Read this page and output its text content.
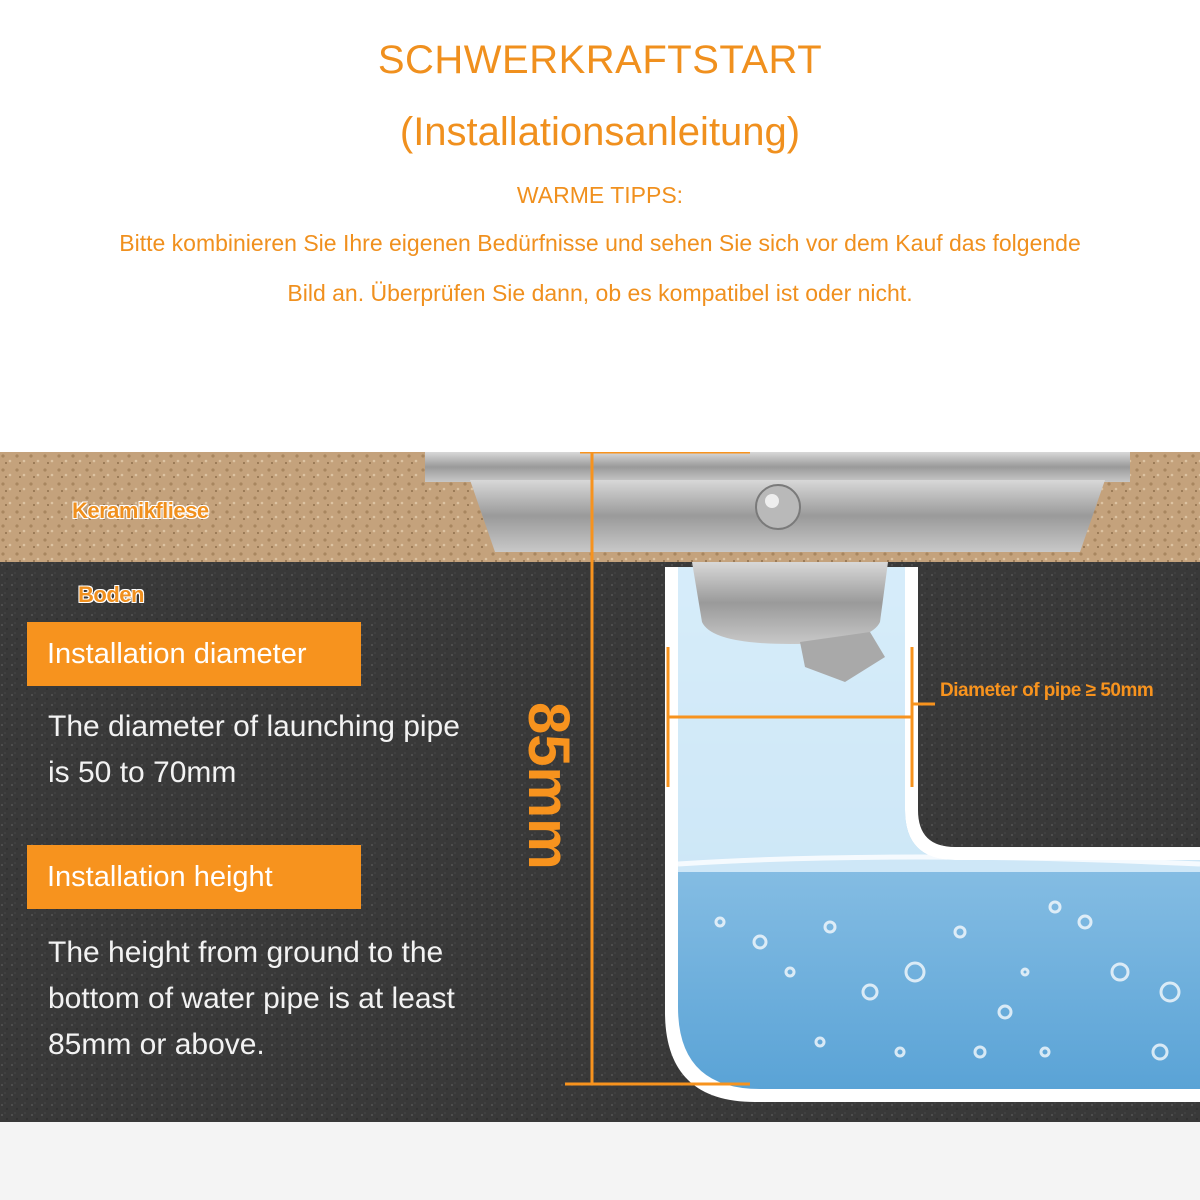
SCHWERKRAFTSTART
(Installationsanleitung)
WARME TIPPS:
Bitte kombinieren Sie Ihre eigenen Bedürfnisse und sehen Sie sich vor dem Kauf das folgende
Bild an. Überprüfen Sie dann, ob es kompatibel ist oder nicht.
Keramikfliese
Boden
Installation diameter
The diameter of launching pipe is 50 to 70mm
Installation height
The height from ground to the bottom of water pipe is at least 85mm or above.
85mm
Diameter of pipe ≥ 50mm
